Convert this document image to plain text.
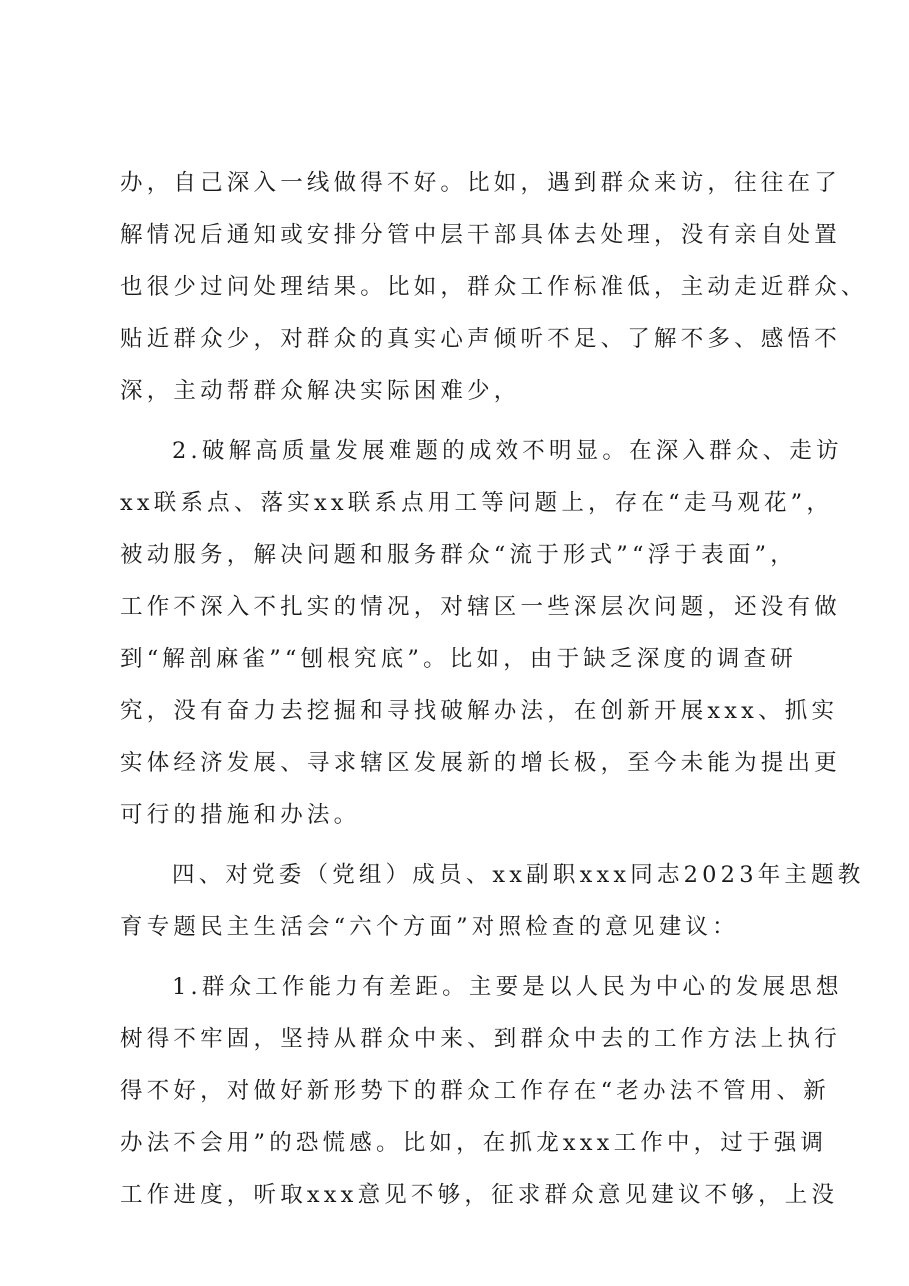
办，自己深入一线做得不好。比如，遇到群众来访，往往在了
解情况后通知或安排分管中层干部具体去处理，没有亲自处置
也很少过问处理结果。比如，群众工作标准低，主动走近群众、
贴近群众少，对群众的真实心声倾听不足、了解不多、感悟不
深，主动帮群众解决实际困难少，
2.破解高质量发展难题的成效不明显。在深入群众、走访
xx联系点、落实xx联系点用工等问题上，存在“走马观花”，
被动服务，解决问题和服务群众“流于形式”“浮于表面”，
工作不深入不扎实的情况，对辖区一些深层次问题，还没有做
到“解剖麻雀”“刨根究底”。比如，由于缺乏深度的调查研
究，没有奋力去挖掘和寻找破解办法，在创新开展xxx、抓实
实体经济发展、寻求辖区发展新的增长极，至今未能为提出更
可行的措施和办法。
四、对党委（党组）成员、xx副职xxx同志2023年主题教
育专题民主生活会“六个方面”对照检查的意见建议：
1.群众工作能力有差距。主要是以人民为中心的发展思想
树得不牢固，坚持从群众中来、到群众中去的工作方法上执行
得不好，对做好新形势下的群众工作存在“老办法不管用、新
办法不会用”的恐慌感。比如，在抓龙xxx工作中，过于强调
工作进度，听取xxx意见不够，征求群众意见建议不够，上没
